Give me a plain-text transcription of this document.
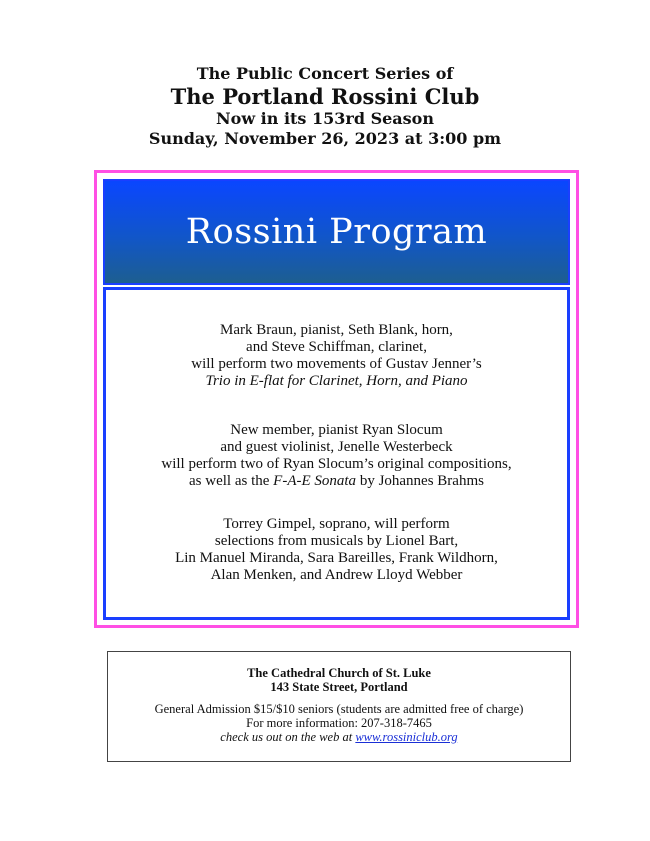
The Public Concert Series of
The Portland Rossini Club
Now in its 153rd Season
Sunday, November 26, 2023 at 3:00 pm
Rossini Program
Mark Braun, pianist, Seth Blank, horn,
and Steve Schiffman, clarinet,
will perform two movements of Gustav Jenner’s
Trio in E-flat for Clarinet, Horn, and Piano
New member, pianist Ryan Slocum
and guest violinist, Jenelle Westerbeck
will perform two of Ryan Slocum’s original compositions,
as well as the F-A-E Sonata by Johannes Brahms
Torrey Gimpel, soprano, will perform
selections from musicals by Lionel Bart,
Lin Manuel Miranda, Sara Bareilles, Frank Wildhorn,
Alan Menken, and Andrew Lloyd Webber
The Cathedral Church of St. Luke
143 State Street, Portland
General Admission $15/$10 seniors (students are admitted free of charge)
For more information: 207-318-7465
check us out on the web at www.rossiniclub.org
